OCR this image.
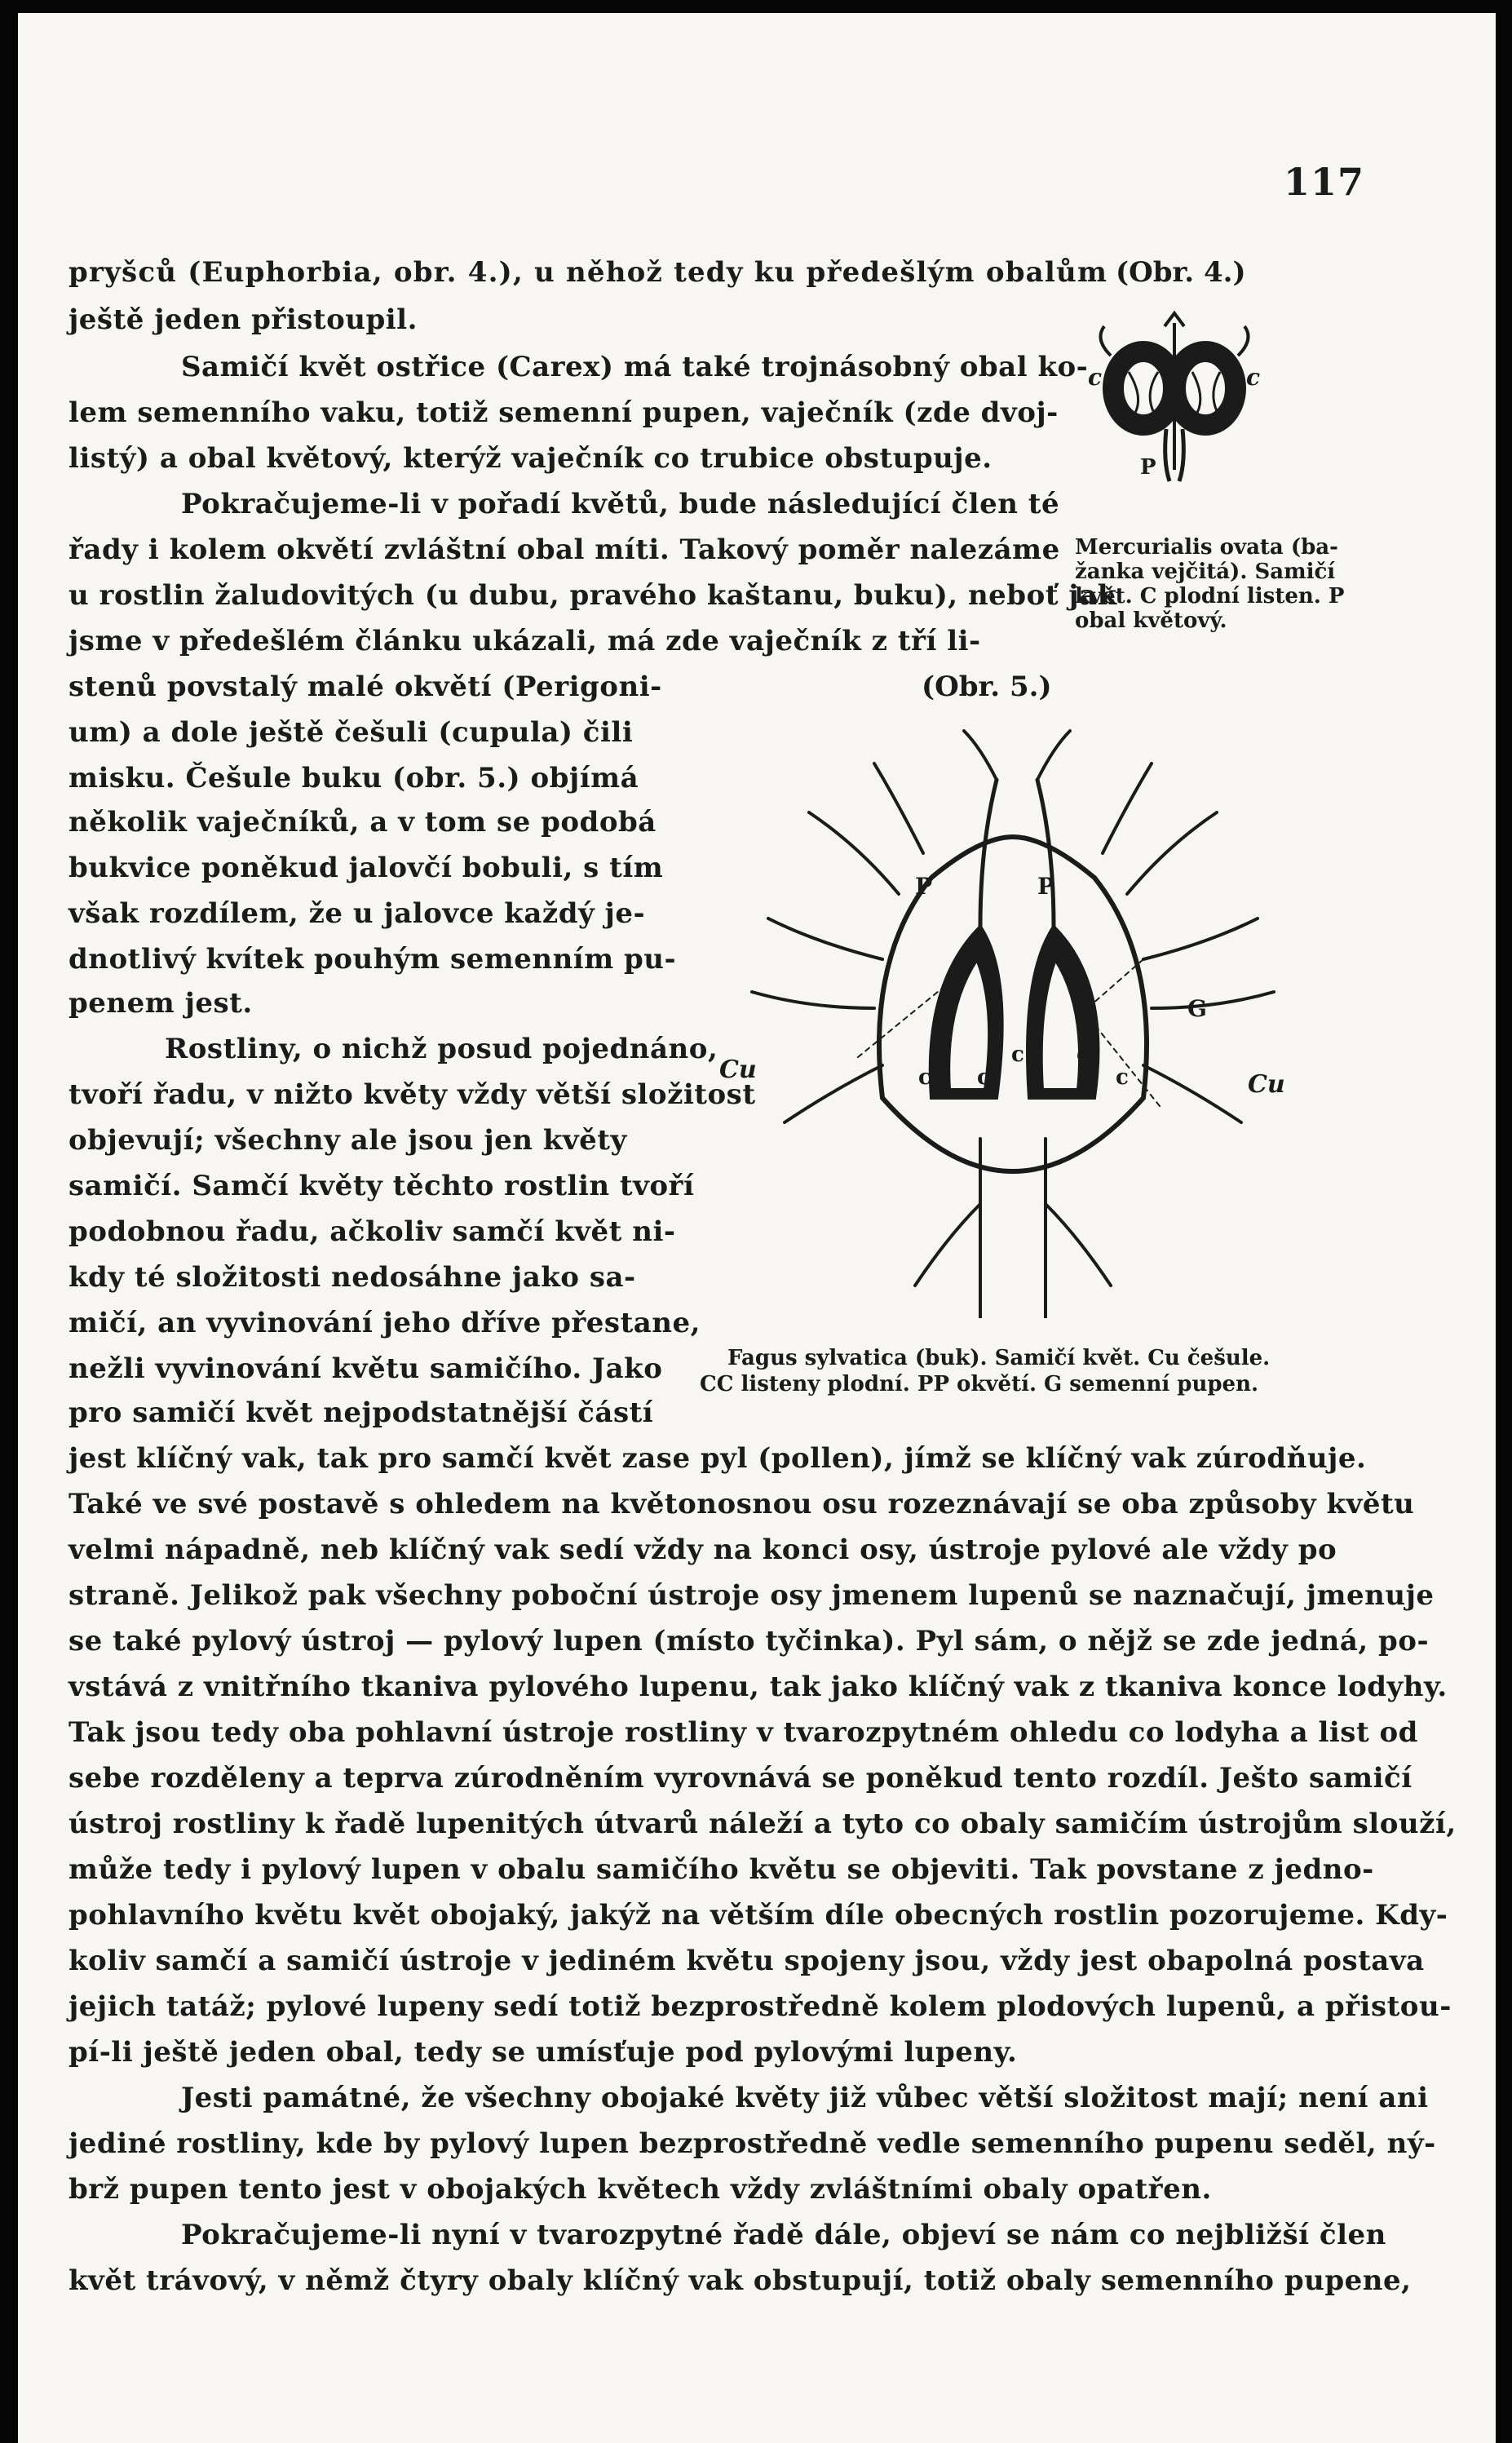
117
pryšců (Euphorbia, obr. 4.), u něhož tedy ku předešlým obalům
ještě jeden přistoupil.
Samičí květ ostřice (Carex) má také trojnásobný obal ko-
lem semenního vaku, totiž semenní pupen, vaječník (zde dvoj-
listý) a obal květový, kterýž vaječník co trubice obstupuje.
Pokračujeme-li v pořadí květů, bude následující člen té
řady i kolem okvětí zvláštní obal míti. Takový poměr nalezáme
u rostlin žaludovitých (u dubu, pravého kaštanu, buku), neboť jak
jsme v předešlém článku ukázali, má zde vaječník z tří li-
stenů povstalý malé okvětí (Perigoni-
um) a dole ještě češuli (cupula) čili
misku. Češule buku (obr. 5.) objímá
několik vaječníků, a v tom se podobá
bukvice poněkud jalovčí bobuli, s tím
však rozdílem, že u jalovce každý je-
dnotlivý kvítek pouhým semenním pu-
penem jest.
Rostliny, o nichž posud pojednáno,
tvoří řadu, v nižto květy vždy větší složitost
objevují; všechny ale jsou jen květy
samičí. Samčí květy těchto rostlin tvoří
podobnou řadu, ačkoliv samčí květ ni-
kdy té složitosti nedosáhne jako sa-
mičí, an vyvinování jeho dříve přestane,
nežli vyvinování květu samičího. Jako
pro samičí květ nejpodstatnější částí
jest klíčný vak, tak pro samčí květ zase pyl (pollen), jímž se klíčný vak zúrodňuje.
Také ve své postavě s ohledem na květonosnou osu rozeznávají se oba způsoby květu
velmi nápadně, neb klíčný vak sedí vždy na konci osy, ústroje pylové ale vždy po
straně. Jelikož pak všechny poboční ústroje osy jmenem lupenů se naznačují, jmenuje
se také pylový ústroj — pylový lupen (místo tyčinka). Pyl sám, o nějž se zde jedná, po-
vstává z vnitřního tkaniva pylového lupenu, tak jako klíčný vak z tkaniva konce lodyhy.
Tak jsou tedy oba pohlavní ústroje rostliny v tvarozpytném ohledu co lodyha a list od
sebe rozděleny a teprva zúrodněním vyrovnává se poněkud tento rozdíl. Ješto samičí
ústroj rostliny k řadě lupenitých útvarů náleží a tyto co obaly samičím ústrojům slouží,
může tedy i pylový lupen v obalu samičího květu se objeviti. Tak povstane z jedno-
pohlavního květu květ obojaký, jakýž na větším díle obecných rostlin pozorujeme. Kdy-
koliv samčí a samičí ústroje v jediném květu spojeny jsou, vždy jest obapolná postava
jejich tatáž; pylové lupeny sedí totiž bezprostředně kolem plodových lupenů, a přistou-
pí-li ještě jeden obal, tedy se umísťuje pod pylovými lupeny.
Jesti památné, že všechny obojaké květy již vůbec větší složitost mají; není ani
jediné rostliny, kde by pylový lupen bezprostředně vedle semenního pupenu seděl, ný-
brž pupen tento jest v obojakých květech vždy zvláštními obaly opatřen.
Pokračujeme-li nyní v tvarozpytné řadě dále, objeví se nám co nejbližší člen
květ trávový, v němž čtyry obaly klíčný vak obstupují, totiž obaly semenního pupene,
(Obr. 4.)
c	c
P
Mercurialis ovata (ba-
žanka vejčitá). Samičí
květ. C plodní listen. P
obal květový.
(Obr. 5.)
Cu
Cu
G
P	P
c c
c c
c
Fagus sylvatica (buk). Samičí květ. Cu češule.
CC listeny plodní. PP okvětí. G semenní pupen.
